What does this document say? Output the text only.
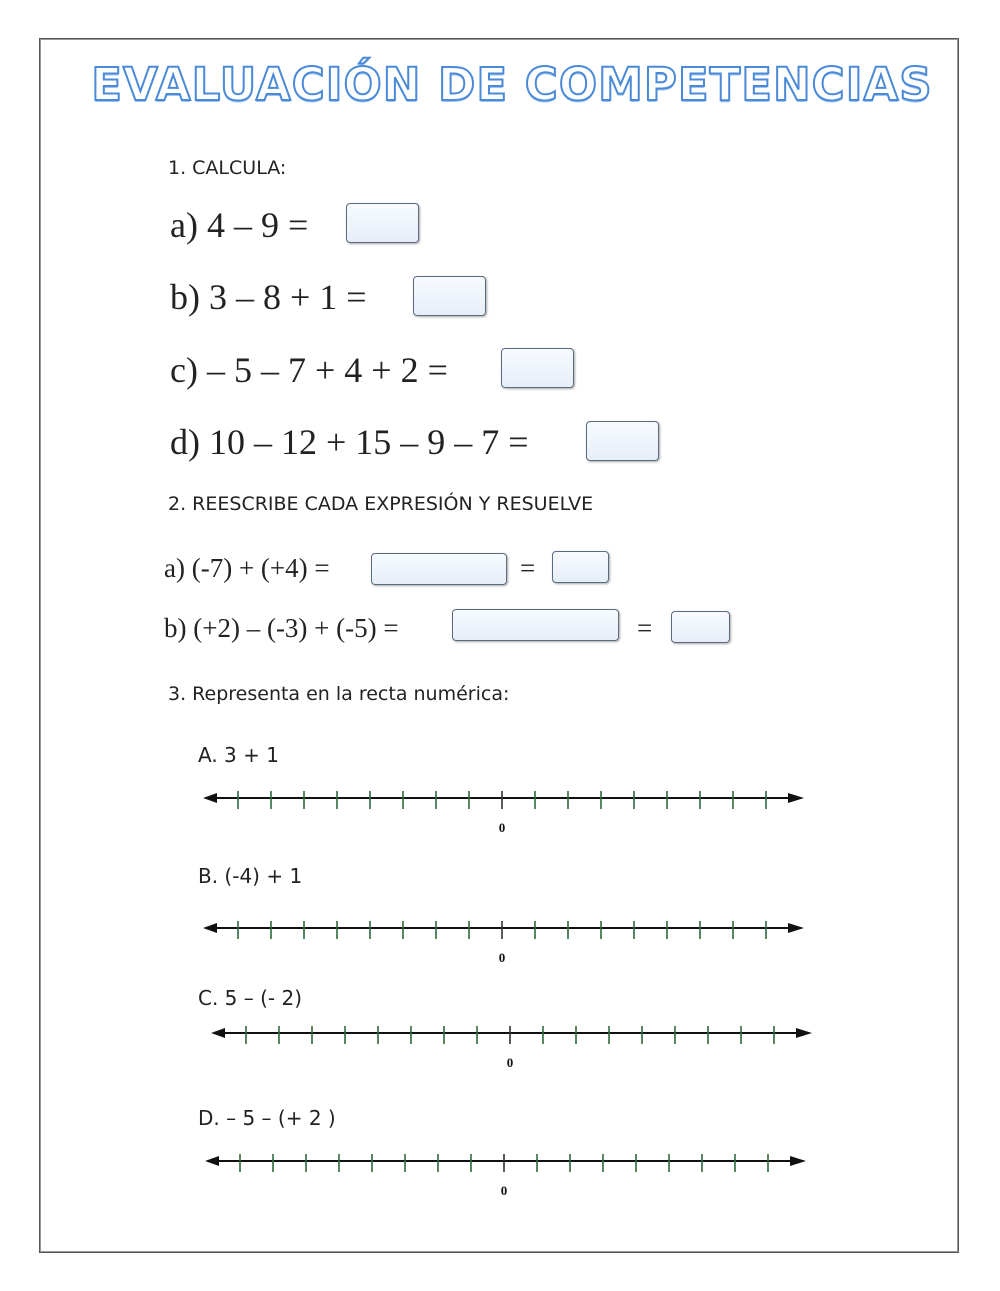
EVALUACIÓN DE COMPETENCIAS
1. CALCULA:
a) 4 – 9 =
b) 3 – 8 + 1 =
c) – 5 – 7 + 4 + 2 =
d) 10 – 12 + 15 – 9 – 7 =
2. REESCRIBE CADA EXPRESIÓN Y RESUELVE
a) (-7) + (+4) =	=
b) (+2) – (-3) + (-5) =	=
3. Representa en la recta numérica:
A. 3 + 1
0
B. (-4) + 1
0
C. 5 – (- 2)
0
D. – 5 – (+ 2 )
0
